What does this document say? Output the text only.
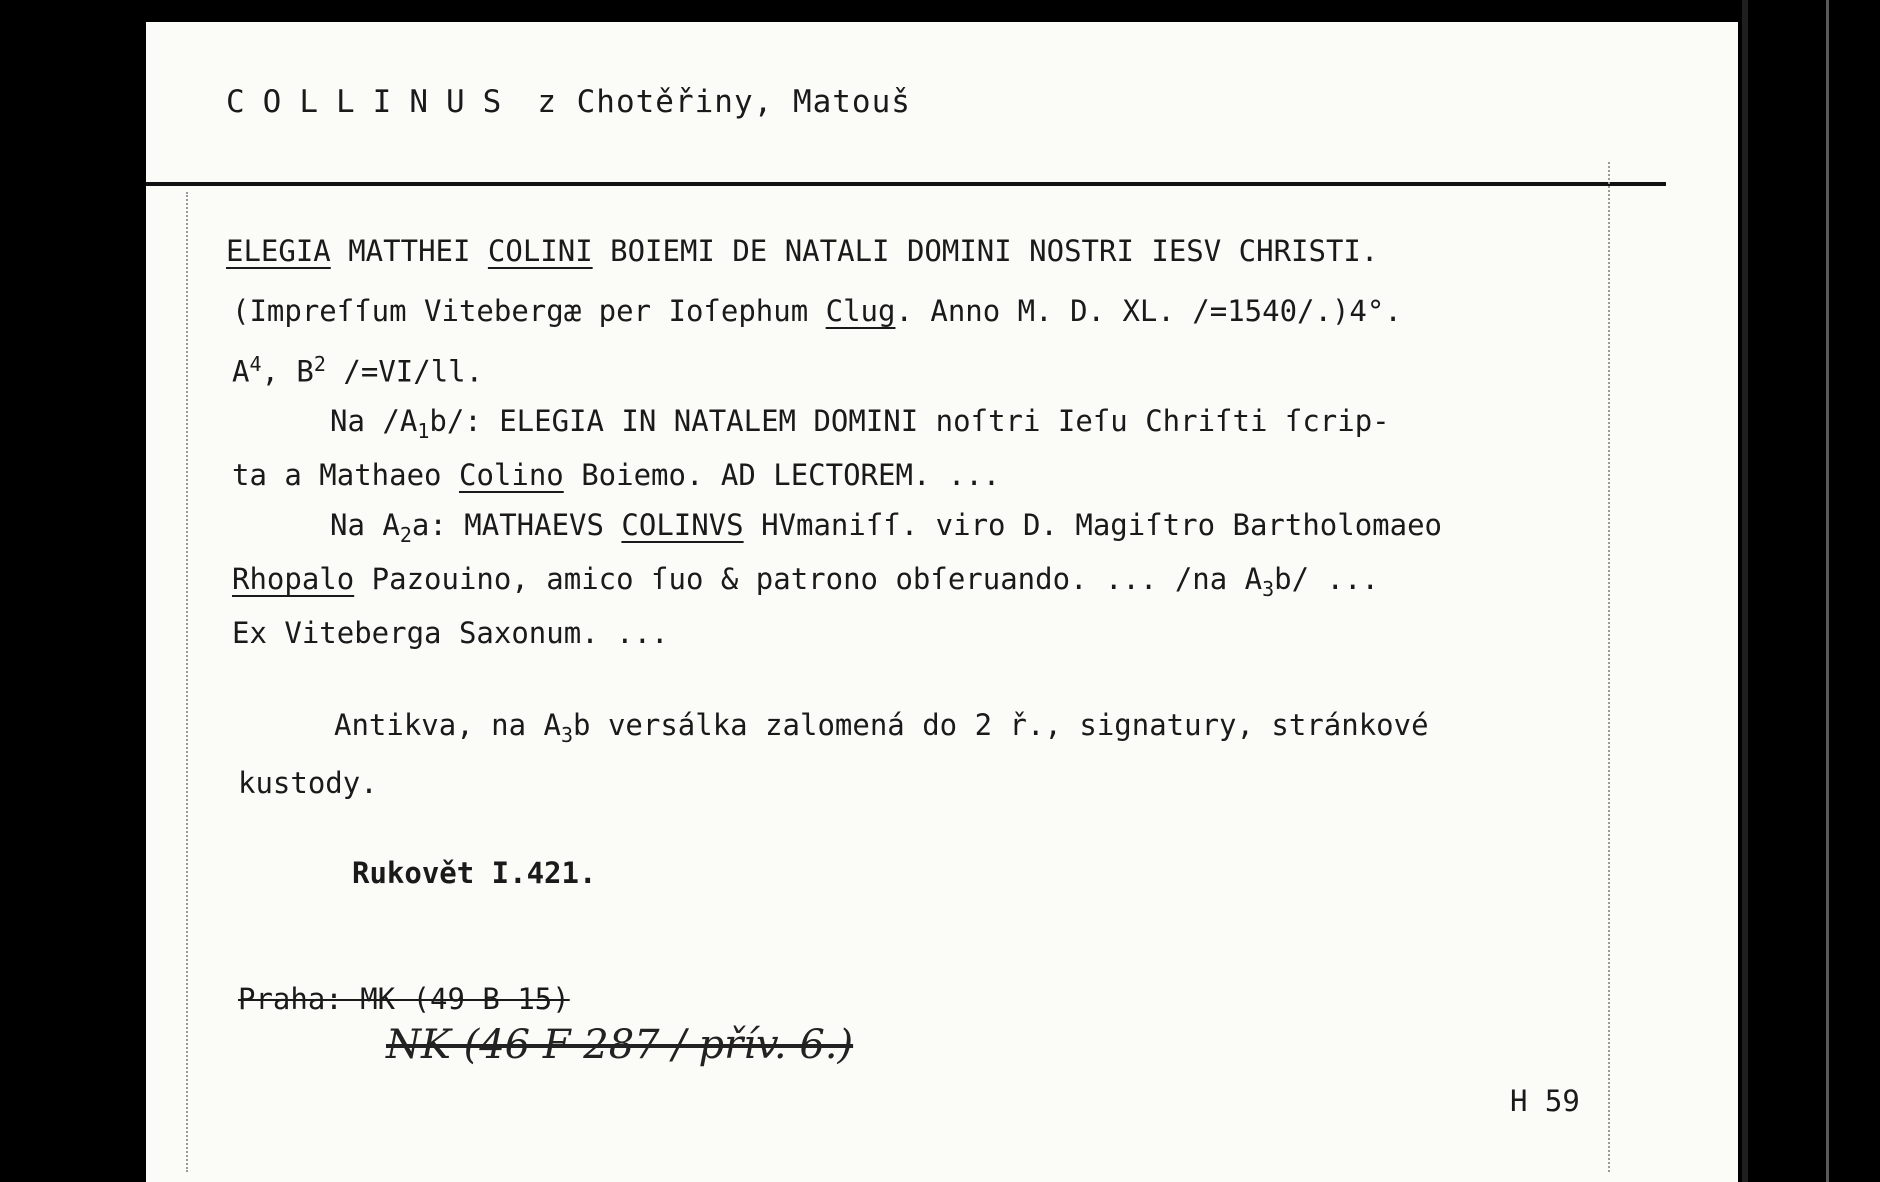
COLLINUS z Chotěřiny, Matouš
ELEGIA MATTHEI COLINI BOIEMI DE NATALI DOMINI NOSTRI IESV CHRISTI.
(Impreſſum Vitebergæ per Ioſephum Clug. Anno M. D. XL. /=1540/.)4°.
$A^4$, $B^2$ /=VI/ll.
Na $/A_1b/$: ELEGIA IN NATALEM DOMINI noſtri Ieſu Chriſti ſcrip-
ta a Mathaeo Colino Boiemo. AD LECTOREM. ...
Na $A_2a$: MATHAEVS COLINVS HVmaniſſ. viro D. Magiſtro Bartholomaeo
Rhopalo Pazouino, amico ſuo & patrono obſeruando. ... /na $A_3b/$ ...
Ex Viteberga Saxonum. ...
Antikva, na $A_3b$ versálka zalomená do 2 ř., signatury, stránkové
kustody.
Rukovět I.421.
Praha: MK (49 B 15)
NK (46 F 287 / přív. 6.)
H 59
